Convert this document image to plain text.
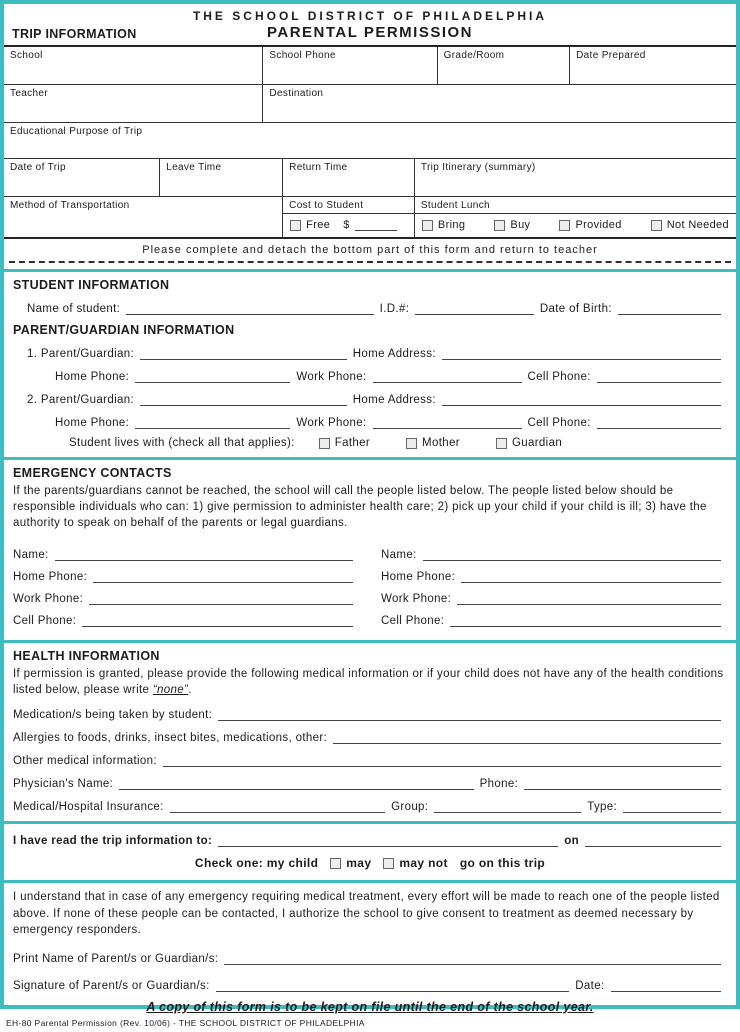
THE SCHOOL DISTRICT OF PHILADELPHIA
TRIP INFORMATION	PARENTAL PERMISSION
School	School Phone	Grade/Room	Date Prepared
Teacher	Destination
Educational Purpose of Trip
Date of Trip	Leave Time	Return Time	Trip Itinerary (summary)
Method of Transportation	Cost to Student
Free $
Student Lunch
Bring	Buy	Provided	Not Needed
Please complete and detach the bottom part of this form and return to teacher
STUDENT INFORMATION
Name of student:	I.D.#:	Date of Birth:
PARENT/GUARDIAN INFORMATION
1. Parent/Guardian:	Home Address:
Home Phone:	Work Phone:	Cell Phone:
2. Parent/Guardian:	Home Address:
Home Phone:	Work Phone:	Cell Phone:
Student lives with (check all that applies):	Father	Mother	Guardian
EMERGENCY CONTACTS

If the parents/guardians cannot be reached, the school will call the people listed below. The people listed below should be responsible individuals who can: 1) give permission to administer health care; 2) pick up your child if your child is ill; 3) have the authority to speak on behalf of the parents or legal guardians.

Name:
Home Phone:
Work Phone:
Cell Phone:
Name:
Home Phone:
Work Phone:
Cell Phone:
HEALTH INFORMATION

If permission is granted, please provide the following medical information or if your child does not have any of the health conditions listed below, please write “none”.

Medication/s being taken by student:
Allergies to foods, drinks, insect bites, medications, other:
Other medical information:
Physician's Name:	Phone:
Medical/Hospital Insurance:	Group:	Type:
I have read the trip information to:	on
Check one: my child may may not go on this trip

I understand that in case of any emergency requiring medical treatment, every effort will be made to reach one of the people listed above. If none of these people can be contacted, I authorize the school to give consent to treatment as deemed necessary by emergency responders.

Print Name of Parent/s or Guardian/s:
Signature of Parent/s or Guardian/s:	Date:
A copy of this form is to be kept on file until the end of the school year.
EH-80 Parental Permission (Rev. 10/06) - THE SCHOOL DISTRICT OF PHILADELPHIA
